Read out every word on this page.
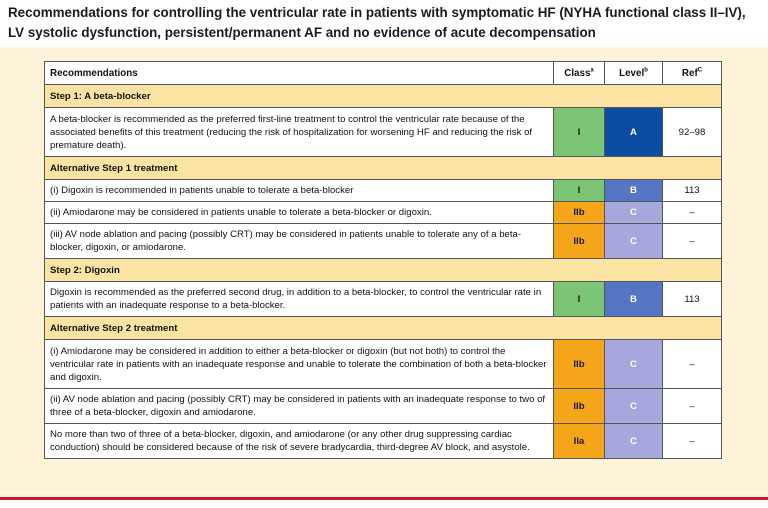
Recommendations for controlling the ventricular rate in patients with symptomatic HF (NYHA functional class II–IV), LV systolic dysfunction, persistent/permanent AF and no evidence of acute decompensation
Recommendations	Class$^a$	Level$^b$	Ref$^C$
Step 1: A beta-blocker			
A beta-blocker is recommended as the preferred first-line treatment to control the ventricular rate because of the associated benefits of this treatment (reducing the risk of hospitalization for worsening HF and reducing the risk of premature death).	I	A	92–98
Alternative Step 1 treatment			
(i) Digoxin is recommended in patients unable to tolerate a beta-blocker	I	B	113
(ii) Amiodarone may be considered in patients unable to tolerate a beta-blocker or digoxin.	IIb	C	–
(iii) AV node ablation and pacing (possibly CRT) may be considered in patients unable to tolerate any of a beta-blocker, digoxin, or amiodarone.	IIb	C	–
Step 2: Digoxin			
Digoxin is recommended as the preferred second drug, in addition to a beta-blocker, to control the ventricular rate in patients with an inadequate response to a beta-blocker.	I	B	113
Alternative Step 2 treatment			
(i) Amiodarone may be considered in addition to either a beta-blocker or digoxin (but not both) to control the ventricular rate in patients with an inadequate response and unable to tolerate the combination of both a beta-blocker and digoxin.	IIb	C	–
(ii) AV node ablation and pacing (possibly CRT) may be considered in patients with an inadequate response to two of three of a beta-blocker, digoxin and amiodarone.	IIb	C	–
No more than two of three of a beta-blocker, digoxin, and amiodarone (or any other drug suppressing cardiac conduction) should be considered because of the risk of severe bradycardia, third-degree AV block, and asystole.	IIa	C	–
